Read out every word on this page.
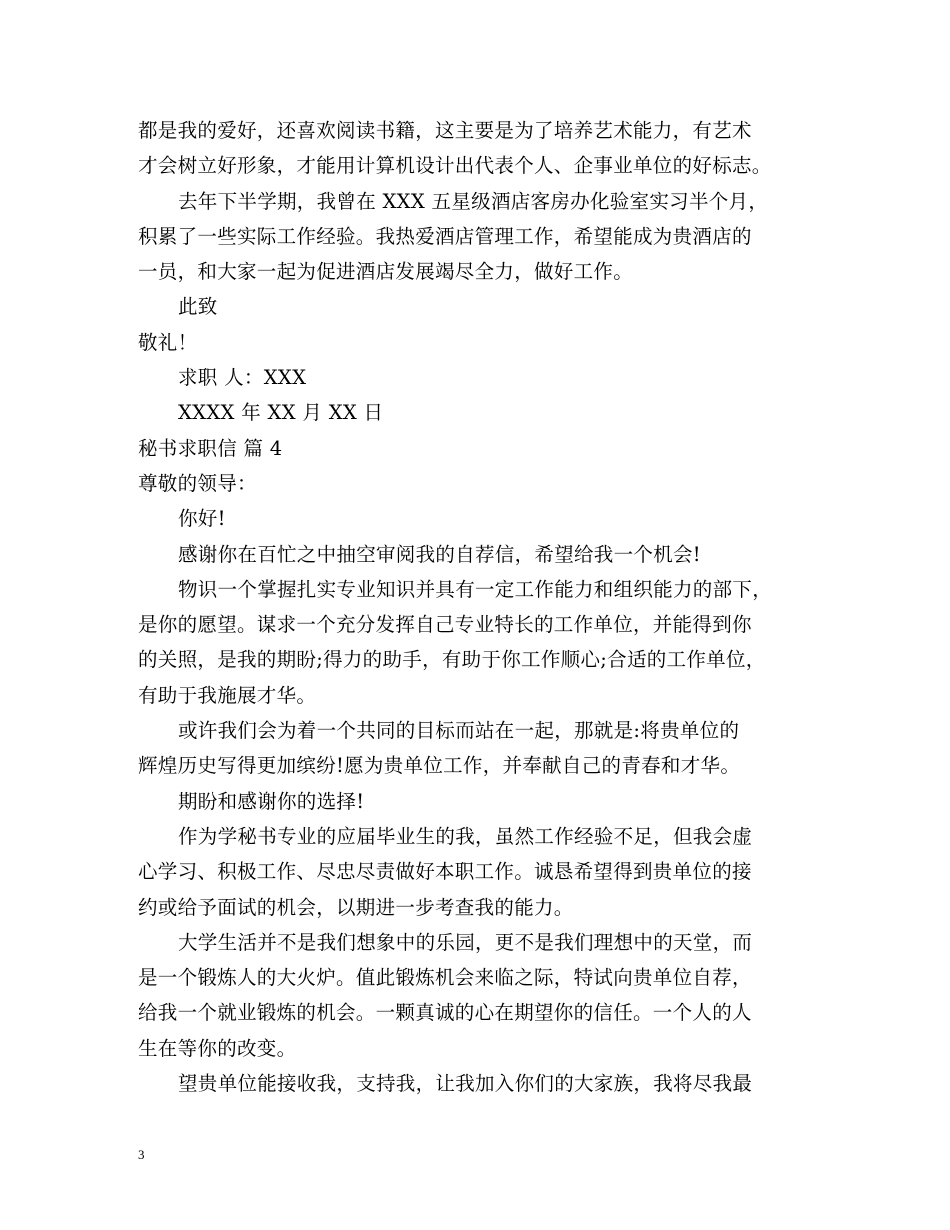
都是我的爱好，还喜欢阅读书籍，这主要是为了培养艺术能力，有艺术
才会树立好形象，才能用计算机设计出代表个人、企事业单位的好标志。
去年下半学期，我曾在 XXX 五星级酒店客房办化验室实习半个月，
积累了一些实际工作经验。我热爱酒店管理工作，希望能成为贵酒店的
一员，和大家一起为促进酒店发展竭尽全力，做好工作。
此致
敬礼！
求职 人：XXX
XXXX 年 XX 月 XX 日
秘书求职信 篇 4
尊敬的领导：
你好!
感谢你在百忙之中抽空审阅我的自荐信，希望给我一个机会!
物识一个掌握扎实专业知识并具有一定工作能力和组织能力的部下，
是你的愿望。谋求一个充分发挥自己专业特长的工作单位，并能得到你
的关照，是我的期盼;得力的助手，有助于你工作顺心;合适的工作单位，
有助于我施展才华。
或许我们会为着一个共同的目标而站在一起，那就是:将贵单位的
辉煌历史写得更加缤纷!愿为贵单位工作，并奉献自己的青春和才华。
期盼和感谢你的选择!
作为学秘书专业的应届毕业生的我，虽然工作经验不足，但我会虚
心学习、积极工作、尽忠尽责做好本职工作。诚恳希望得到贵单位的接
约或给予面试的机会，以期进一步考查我的能力。
大学生活并不是我们想象中的乐园，更不是我们理想中的天堂，而
是一个锻炼人的大火炉。值此锻炼机会来临之际，特试向贵单位自荐，
给我一个就业锻炼的机会。一颗真诚的心在期望你的信任。一个人的人
生在等你的改变。
望贵单位能接收我，支持我，让我加入你们的大家族，我将尽我最
3
